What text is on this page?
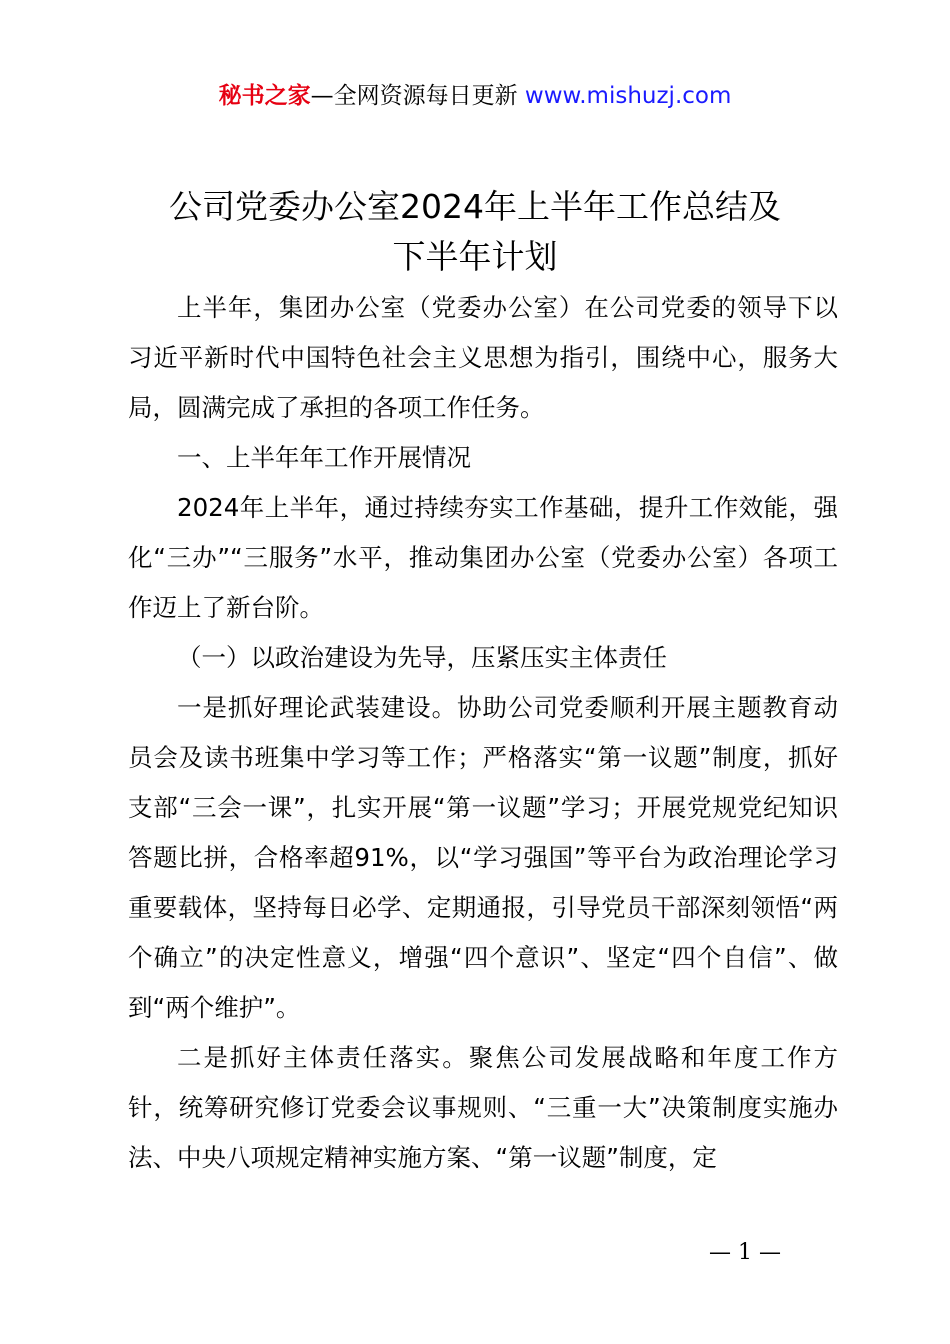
秘书之家—全网资源每日更新 www.mishuzj.com
公司党委办公室2024年上半年工作总结及
下半年计划

上半年，集团办公室（党委办公室）在公司党委的领导下以习近平新时代中国特色社会主义思想为指引，围绕中心，服务大局，圆满完成了承担的各项工作任务。

一、上半年年工作开展情况

2024年上半年，通过持续夯实工作基础，提升工作效能，强化“三办”“三服务”水平，推动集团办公室（党委办公室）各项工作迈上了新台阶。

（一）以政治建设为先导，压紧压实主体责任

一是抓好理论武装建设。协助公司党委顺利开展主题教育动员会及读书班集中学习等工作；严格落实“第一议题”制度，抓好支部“三会一课”，扎实开展“第一议题”学习；开展党规党纪知识答题比拼，合格率超91%，以“学习强国”等平台为政治理论学习重要载体，坚持每日必学、定期通报，引导党员干部深刻领悟“两个确立”的决定性意义，增强“四个意识”、坚定“四个自信”、做到“两个维护”。

二是抓好主体责任落实。聚焦公司发展战略和年度工作方针，统筹研究修订党委会议事规则、“三重一大”决策制度实施办法、中央八项规定精神实施方案、“第一议题”制度，定

— 1 —
